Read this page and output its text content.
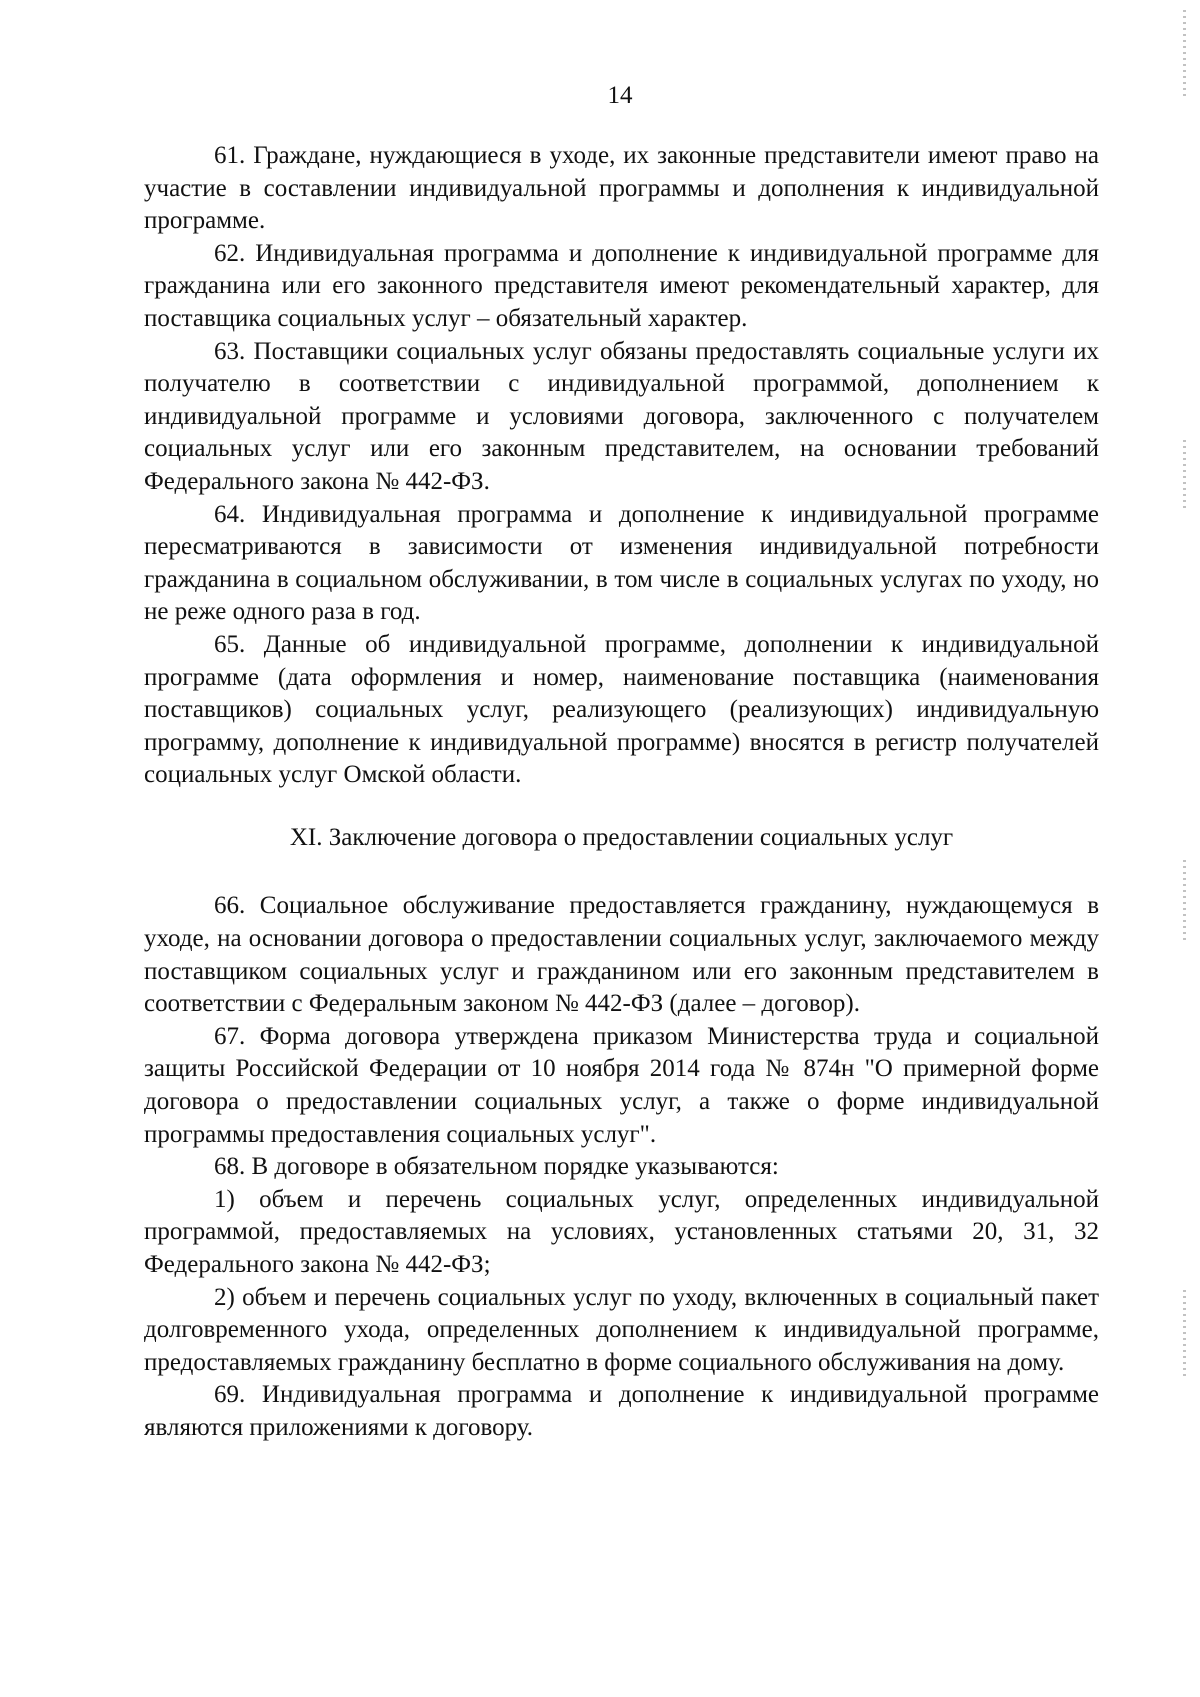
14

61. Граждане, нуждающиеся в уходе, их законные представители имеют право на участие в составлении индивидуальной программы и дополнения к индивидуальной программе.

62. Индивидуальная программа и дополнение к индивидуальной программе для гражданина или его законного представителя имеют рекомендательный характер, для поставщика социальных услуг – обязательный характер.

63. Поставщики социальных услуг обязаны предоставлять социальные услуги их получателю в соответствии с индивидуальной программой, дополнением к индивидуальной программе и условиями договора, заключенного с получателем социальных услуг или его законным представителем, на основании требований Федерального закона № 442-ФЗ.

64. Индивидуальная программа и дополнение к индивидуальной программе пересматриваются в зависимости от изменения индивидуальной потребности гражданина в социальном обслуживании, в том числе в социальных услугах по уходу, но не реже одного раза в год.

65. Данные об индивидуальной программе, дополнении к индивидуальной программе (дата оформления и номер, наименование поставщика (наименования поставщиков) социальных услуг, реализующего (реализующих) индивидуальную программу, дополнение к индивидуальной программе) вносятся в регистр получателей социальных услуг Омской области.

XI. Заключение договора о предоставлении социальных услуг

66. Социальное обслуживание предоставляется гражданину, нуждающемуся в уходе, на основании договора о предоставлении социальных услуг, заключаемого между поставщиком социальных услуг и гражданином или его законным представителем в соответствии с Федеральным законом № 442-ФЗ (далее – договор).

67. Форма договора утверждена приказом Министерства труда и социальной защиты Российской Федерации от 10 ноября 2014 года № 874н "О примерной форме договора о предоставлении социальных услуг, а также о форме индивидуальной программы предоставления социальных услуг".

68. В договоре в обязательном порядке указываются:

1) объем и перечень социальных услуг, определенных индивидуальной программой, предоставляемых на условиях, установленных статьями 20, 31, 32 Федерального закона № 442-ФЗ;

2) объем и перечень социальных услуг по уходу, включенных в социальный пакет долговременного ухода, определенных дополнением к индивидуальной программе, предоставляемых гражданину бесплатно в форме социального обслуживания на дому.

69. Индивидуальная программа и дополнение к индивидуальной программе являются приложениями к договору.
